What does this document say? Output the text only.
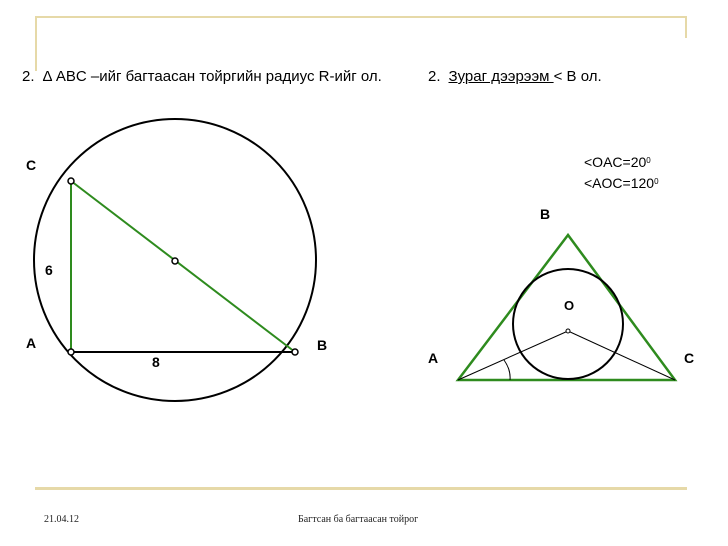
2. Δ ABC –ийг багтаасан тойргийн радиус R-ийг ол.	2. Зураг дээрээм < B ол.
$<OAC=20^0$
$<AOC=120^0$
C
A	B
6
8
B
A	C
O
21.04.12	Багтсан ба багтаасан тойрог
